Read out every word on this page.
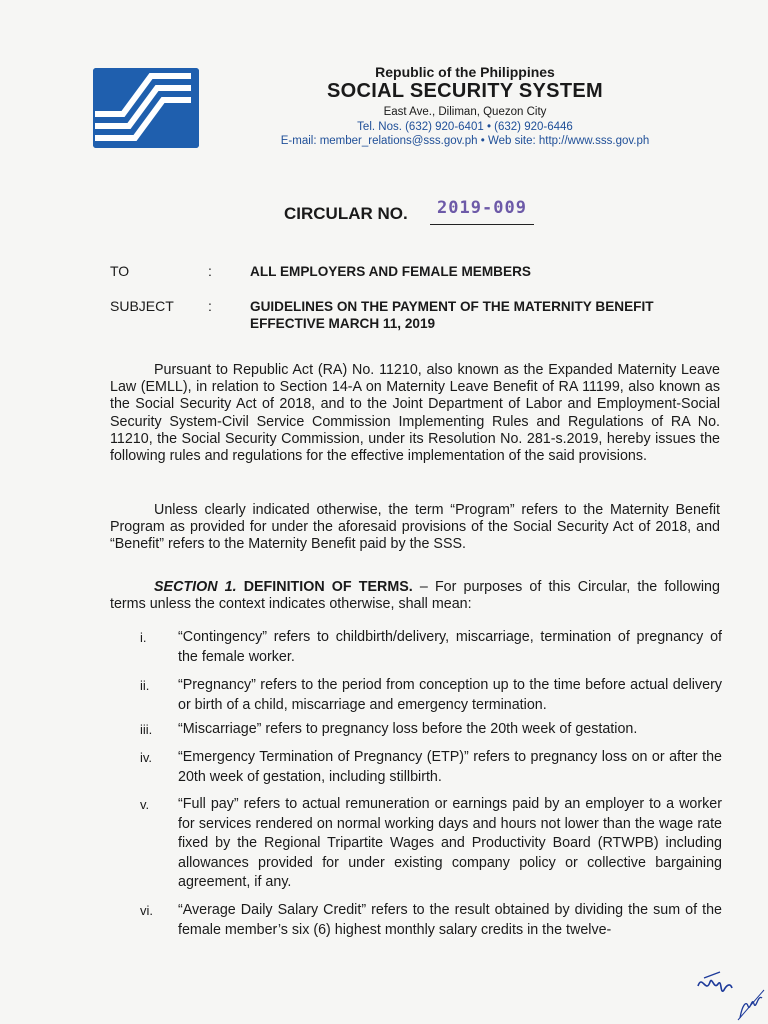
Republic of the Philippines
SOCIAL SECURITY SYSTEM
East Ave., Diliman, Quezon City
Tel. Nos. (632) 920-6401 • (632) 920-6446
E-mail: member_relations@sss.gov.ph • Web site: http://www.sss.gov.ph
CIRCULAR NO.	2019-009
TO	:	ALL EMPLOYERS AND FEMALE MEMBERS
SUBJECT :	GUIDELINES ON THE PAYMENT OF THE MATERNITY BENEFIT EFFECTIVE MARCH 11, 2019
Pursuant to Republic Act (RA) No. 11210, also known as the Expanded Maternity Leave Law (EMLL), in relation to Section 14-A on Maternity Leave Benefit of RA 11199, also known as the Social Security Act of 2018, and to the Joint Department of Labor and Employment-Social Security System-Civil Service Commission Implementing Rules and Regulations of RA No. 11210, the Social Security Commission, under its Resolution No. 281-s.2019, hereby issues the following rules and regulations for the effective implementation of the said provisions.
Unless clearly indicated otherwise, the term “Program” refers to the Maternity Benefit Program as provided for under the aforesaid provisions of the Social Security Act of 2018, and “Benefit” refers to the Maternity Benefit paid by the SSS.
SECTION 1. DEFINITION OF TERMS. – For purposes of this Circular, the following terms unless the context indicates otherwise, shall mean:
i.	“Contingency” refers to childbirth/delivery, miscarriage, termination of pregnancy of the female worker.
ii.	“Pregnancy” refers to the period from conception up to the time before actual delivery or birth of a child, miscarriage and emergency termination.
iii.	“Miscarriage” refers to pregnancy loss before the 20th week of gestation.
iv.	“Emergency Termination of Pregnancy (ETP)” refers to pregnancy loss on or after the 20th week of gestation, including stillbirth.
v.	“Full pay” refers to actual remuneration or earnings paid by an employer to a worker for services rendered on normal working days and hours not lower than the wage rate fixed by the Regional Tripartite Wages and Productivity Board (RTWPB) including allowances provided for under existing company policy or collective bargaining agreement, if any.
vi.	“Average Daily Salary Credit” refers to the result obtained by dividing the sum of the female member’s six (6) highest monthly salary credits in the twelve-
